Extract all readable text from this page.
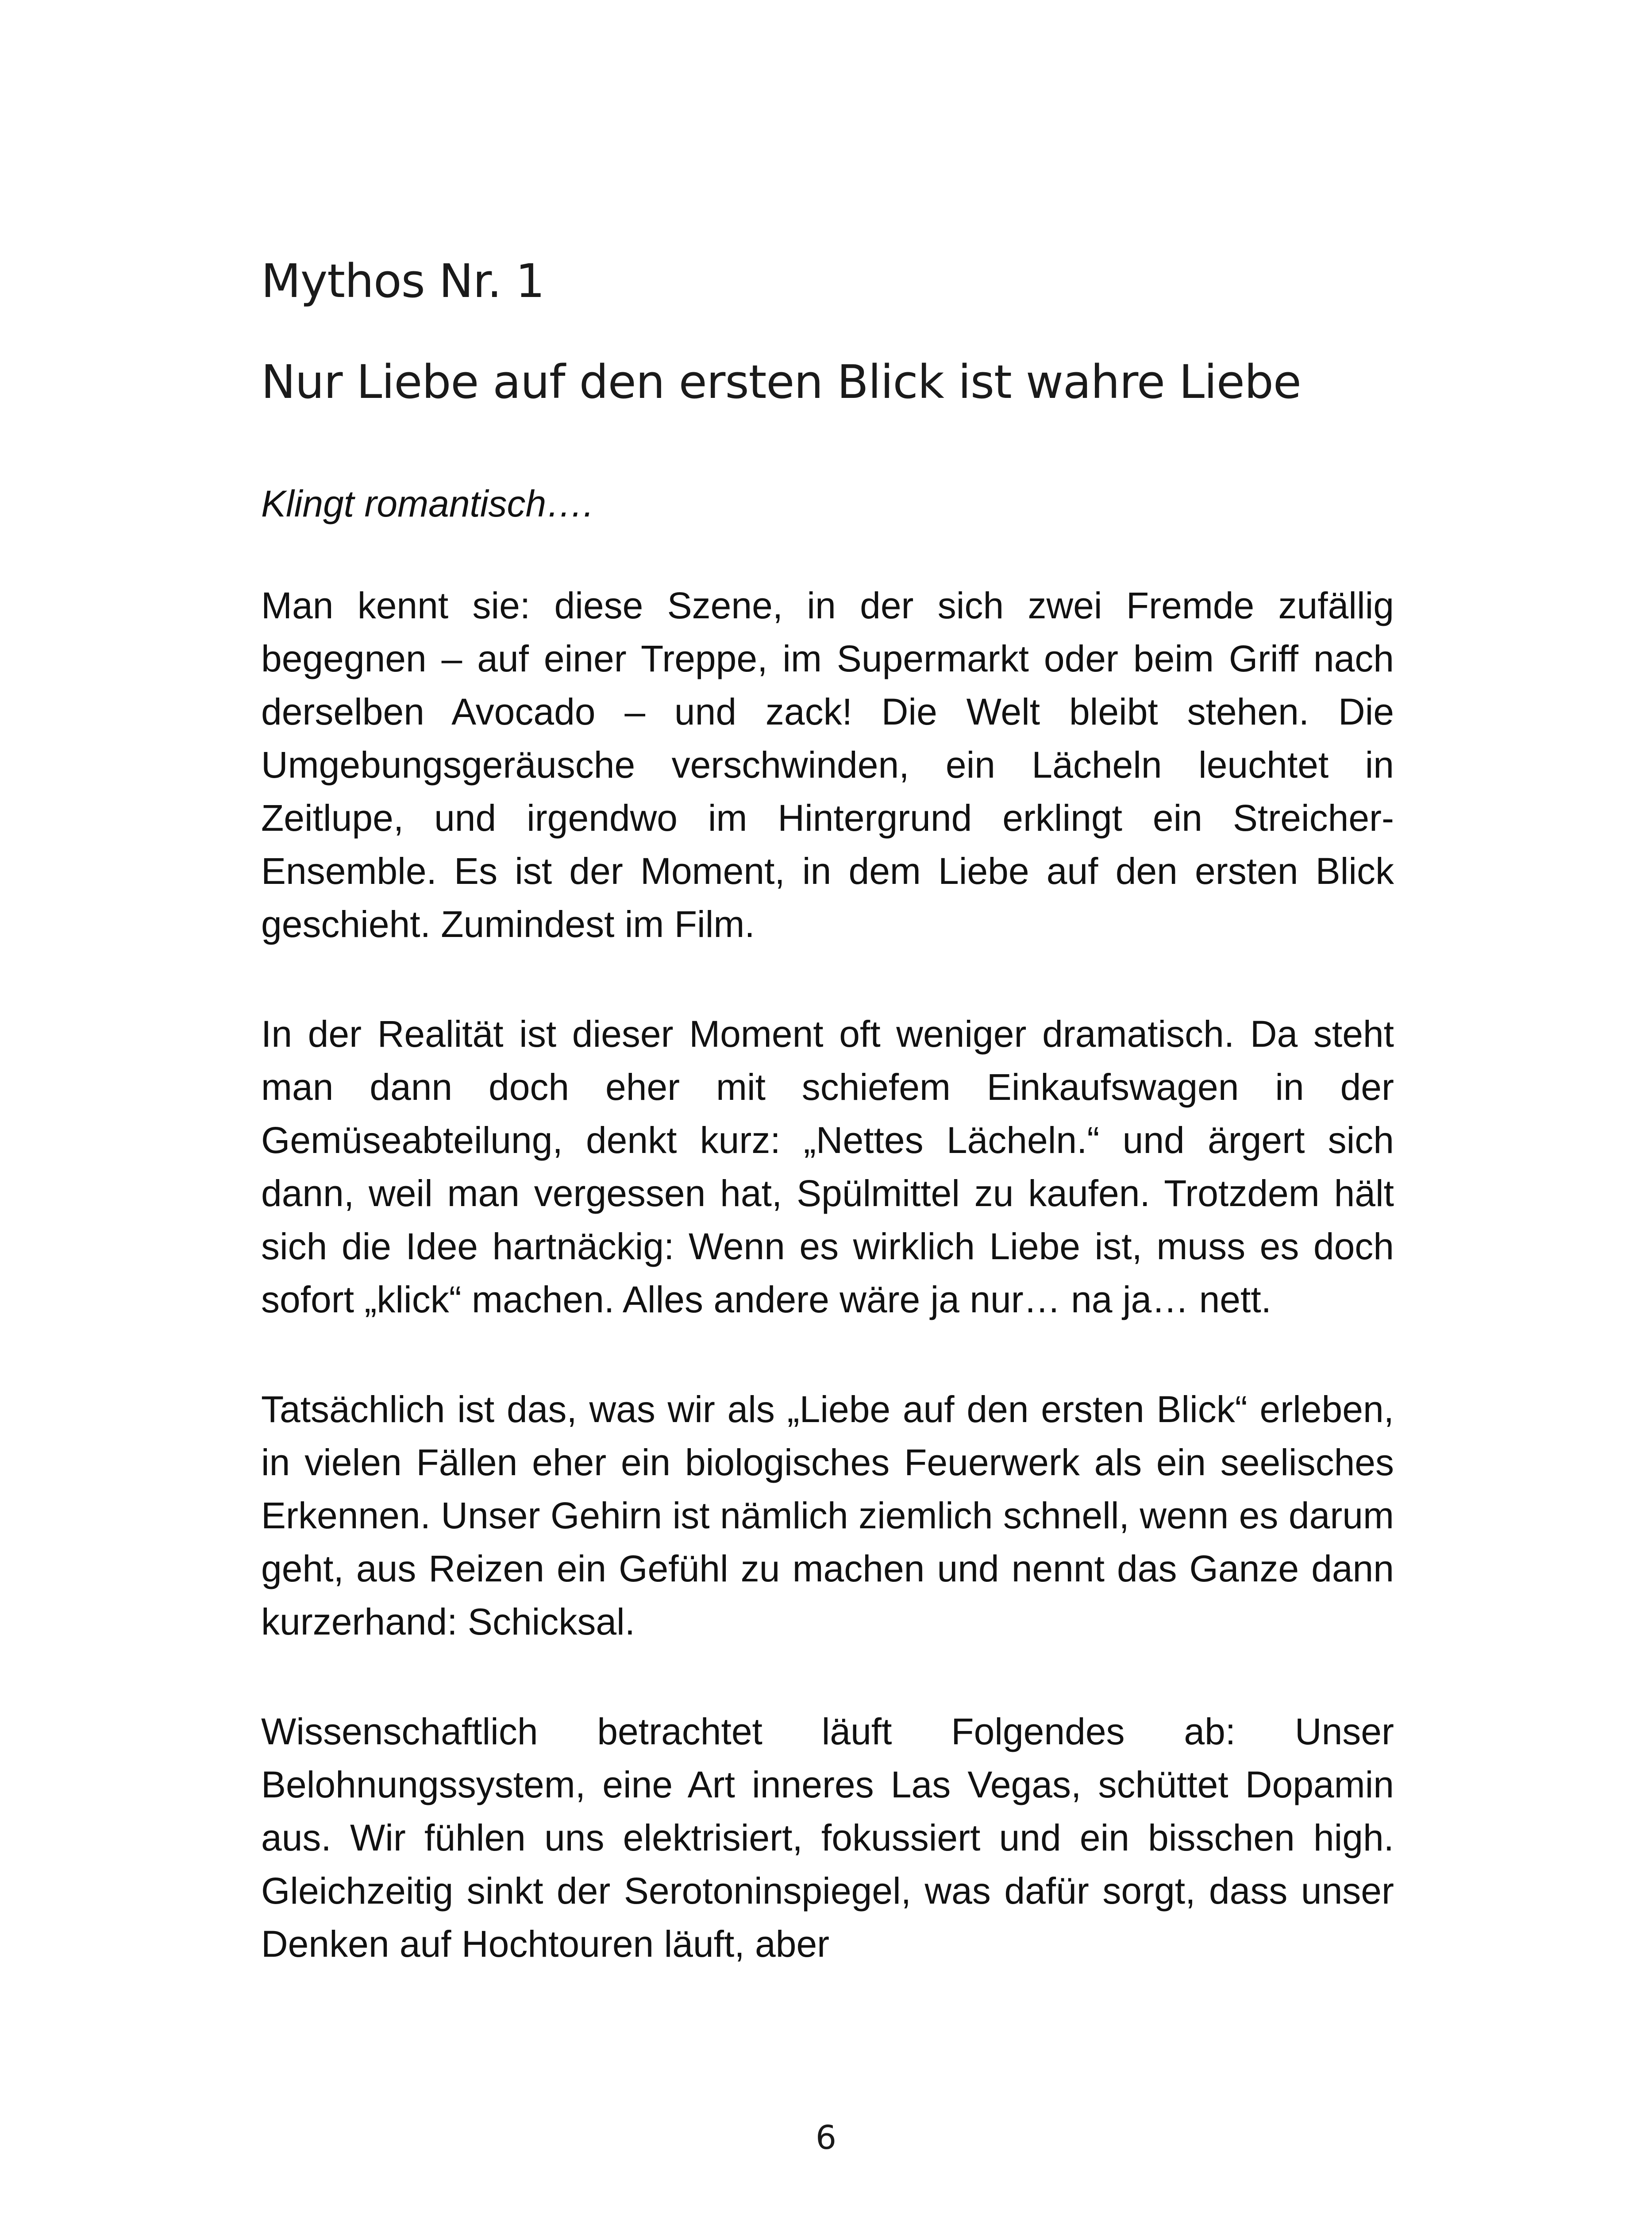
Mythos Nr. 1
Nur Liebe auf den ersten Blick ist wahre Liebe

Klingt romantisch….

Man kennt sie: diese Szene, in der sich zwei Fremde zufällig begegnen – auf einer Treppe, im Supermarkt oder beim Griff nach derselben Avocado – und zack! Die Welt bleibt stehen. Die Umgebungsgeräusche verschwinden, ein Lächeln leuchtet in Zeitlupe, und irgendwo im Hintergrund erklingt ein Streicher-Ensemble. Es ist der Moment, in dem Liebe auf den ersten Blick geschieht. Zumindest im Film.

In der Realität ist dieser Moment oft weniger dramatisch. Da steht man dann doch eher mit schiefem Einkaufswagen in der Gemüseabteilung, denkt kurz: „Nettes Lächeln.“ und ärgert sich dann, weil man vergessen hat, Spülmittel zu kaufen. Trotzdem hält sich die Idee hartnäckig: Wenn es wirklich Liebe ist, muss es doch sofort „klick“ machen. Alles andere wäre ja nur… na ja… nett.

Tatsächlich ist das, was wir als „Liebe auf den ersten Blick“ erleben, in vielen Fällen eher ein biologisches Feuerwerk als ein seelisches Erkennen. Unser Gehirn ist nämlich ziemlich schnell, wenn es darum geht, aus Reizen ein Gefühl zu machen und nennt das Ganze dann kurzerhand: Schicksal.

Wissenschaftlich betrachtet läuft Folgendes ab: Unser Belohnungssystem, eine Art inneres Las Vegas, schüttet Dopamin aus. Wir fühlen uns elektrisiert, fokussiert und ein bisschen high. Gleichzeitig sinkt der Serotoninspiegel, was dafür sorgt, dass unser Denken auf Hochtouren läuft, aber

6
